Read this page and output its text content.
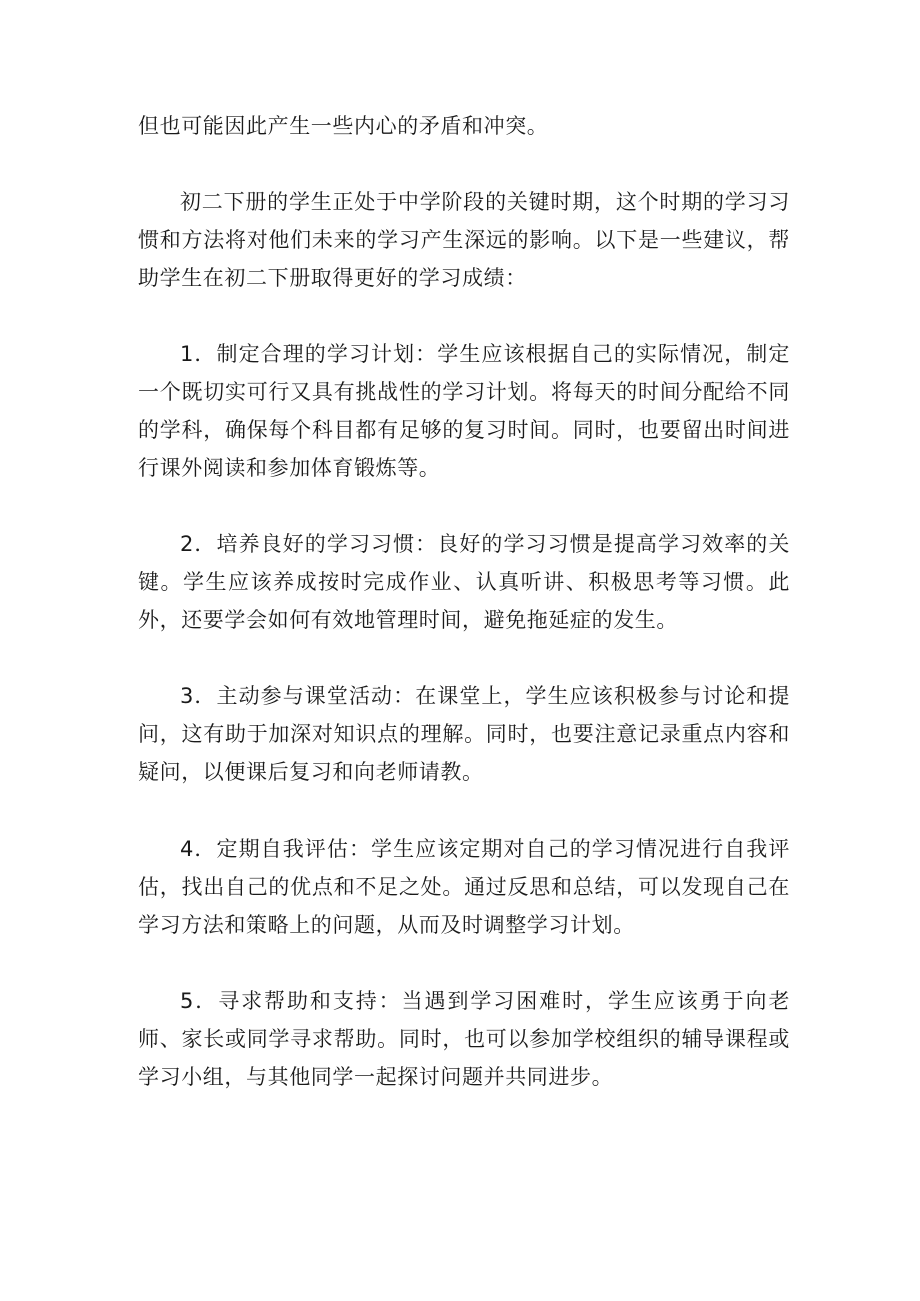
但也可能因此产生一些内心的矛盾和冲突。

初二下册的学生正处于中学阶段的关键时期，这个时期的学习习惯和方法将对他们未来的学习产生深远的影响。以下是一些建议，帮助学生在初二下册取得更好的学习成绩：

1．制定合理的学习计划：学生应该根据自己的实际情况，制定一个既切实可行又具有挑战性的学习计划。将每天的时间分配给不同的学科，确保每个科目都有足够的复习时间。同时，也要留出时间进行课外阅读和参加体育锻炼等。

2．培养良好的学习习惯：良好的学习习惯是提高学习效率的关键。学生应该养成按时完成作业、认真听讲、积极思考等习惯。此外，还要学会如何有效地管理时间，避免拖延症的发生。

3．主动参与课堂活动：在课堂上，学生应该积极参与讨论和提问，这有助于加深对知识点的理解。同时，也要注意记录重点内容和疑问，以便课后复习和向老师请教。

4．定期自我评估：学生应该定期对自己的学习情况进行自我评估，找出自己的优点和不足之处。通过反思和总结，可以发现自己在学习方法和策略上的问题，从而及时调整学习计划。

5．寻求帮助和支持：当遇到学习困难时，学生应该勇于向老师、家长或同学寻求帮助。同时，也可以参加学校组织的辅导课程或学习小组，与其他同学一起探讨问题并共同进步。
